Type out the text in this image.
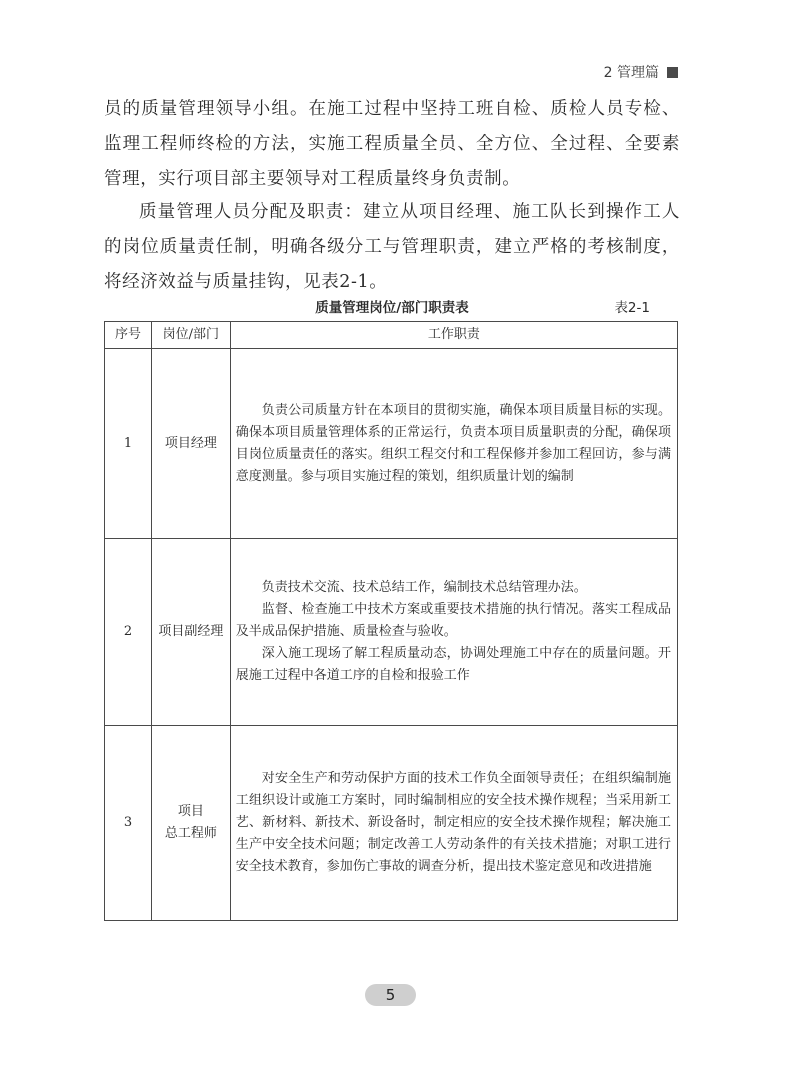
2 管理篇

员的质量管理领导小组。在施工过程中坚持工班自检、质检人员专检、监理工程师终检的方法，实施工程质量全员、全方位、全过程、全要素管理，实行项目部主要领导对工程质量终身负责制。

质量管理人员分配及职责：建立从项目经理、施工队长到操作工人的岗位质量责任制，明确各级分工与管理职责，建立严格的考核制度，将经济效益与质量挂钩，见表2-1。

质量管理岗位/部门职责表	表2-1
序号	岗位/部门	工作职责
1	项目经理	负责公司质量方针在本项目的贯彻实施，确保本项目质量目标的实现。确保本项目质量管理体系的正常运行，负责本项目质量职责的分配，确保项目岗位质量责任的落实。组织工程交付和工程保修并参加工程回访，参与满意度测量。参与项目实施过程的策划，组织质量计划的编制

2	项目副经理	负责技术交流、技术总结工作，编制技术总结管理办法。

监督、检查施工中技术方案或重要技术措施的执行情况。落实工程成品及半成品保护措施、质量检查与验收。

深入施工现场了解工程质量动态，协调处理施工中存在的质量问题。开展施工过程中各道工序的自检和报验工作

3	项目
总工程师	对安全生产和劳动保护方面的技术工作负全面领导责任；在组织编制施工组织设计或施工方案时，同时编制相应的安全技术操作规程；当采用新工艺、新材料、新技术、新设备时，制定相应的安全技术操作规程；解决施工生产中安全技术问题；制定改善工人劳动条件的有关技术措施；对职工进行安全技术教育，参加伤亡事故的调查分析，提出技术鉴定意见和改进措施

5
